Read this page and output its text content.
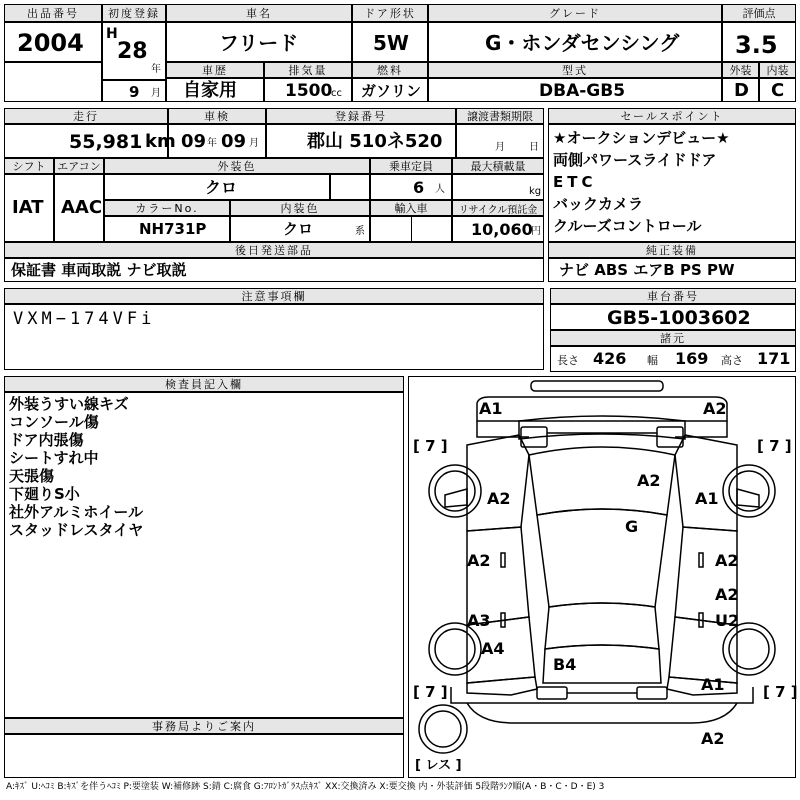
出品番号
2004
初度登録
H
28
年
9 月
車名
フリード
車歴
自家用
排気量
1500
cc
ドア形状
5W
燃料
ガソリン
グレード
G・ホンダセンシング
型式
DBA-GB5
評価点
3.5
外装	内装
D C
走行
55,981 km
車検
09 年 09 月
登録番号
郡山 510ネ520
譲渡書類期限
月 日
シフト	エアコン
IAT AAC
外装色
クロ
乗車定員
6 人
最大積載量
kg
カラーNo.
NH731P
内装色
クロ	系
輸入車	リサイクル預託金
10,060
円
後日発送部品
保証書 車両取説 ナビ取説
セールスポイント
★オークションデビュー★
両側パワースライドドア
ETC
バックカメラ
クルーズコントロール
純正装備
ナビ ABS エアB PS PW
注意事項欄
VXM−174VFi
車台番号
GB5-1003602
諸元
長さ 426 幅 169 高さ 171
検査員記入欄
外装うすい線キズ
コンソール傷
ドア内張傷
シートすれ中
天張傷
下廻りS小
社外アルミホイール
スタッドレスタイヤ
事務局よりご案内
[ 7 ]	[ 7 ]
[ 7 ]	[ 7 ]
[ レス ]
A1	A2
A2
A2	A1
G
A2	A2
A2
A3	U2
A4
B4
A1
A2
A:ｷｽﾞ U:ﾍｺﾐ B:ｷｽﾞを伴うﾍｺﾐ P:要塗装 W:補修跡 S:錆 C:腐食 G:ﾌﾛﾝﾄｶﾞﾗｽ点ｷｽﾞ XX:交換済み X:要交換 内・外装評価 5段階ﾗﾝｸ順(A・B・C・D・E) 3
